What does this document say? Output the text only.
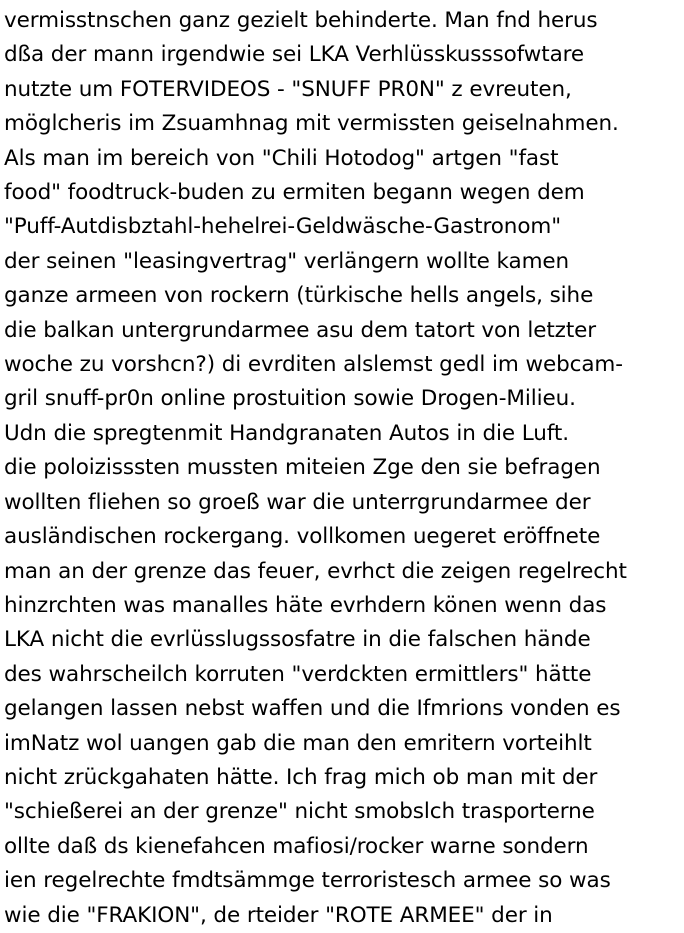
vermisstnschen ganz gezielt behinderte. Man fnd herus
dßa der mann irgendwie sei LKA Verhlüsskusssofwtare
nutzte um FOTERVIDEOS - "SNUFF PR0N" z evreuten,
möglcheris im Zsuamhnag mit vermissten geiselnahmen.
Als man im bereich von "Chili Hotodog" artgen "fast
food" foodtruck-buden zu ermiten begann wegen dem
"Puff-Autdisbztahl-hehelrei-Geldwäsche-Gastronom"
der seinen "leasingvertrag" verlängern wollte kamen
ganze armeen von rockern (türkische hells angels, sihe
die balkan untergrundarmee asu dem tatort von letzter
woche zu vorshcn?) di evrditen alslemst gedl im webcam-
gril snuff-pr0n online prostuition sowie Drogen-Milieu.
Udn die spregtenmit Handgranaten Autos in die Luft.
die poloizisssten mussten miteien Zge den sie befragen
wollten fliehen so groeß war die unterrgrundarmee der
ausländischen rockergang. vollkomen uegeret eröffnete
man an der grenze das feuer, evrhct die zeigen regelrecht
hinzrchten was manalles häte evrhdern könen wenn das
LKA nicht die evrlüsslugssosfatre in die falschen hände
des wahrscheilch korruten "verdckten ermittlers" hätte
gelangen lassen nebst waffen und die Ifmrions vonden es
imNatz wol uangen gab die man den emritern vorteihlt
nicht zrückgahaten hätte. Ich frag mich ob man mit der
"schießerei an der grenze" nicht smobslch trasporterne
ollte daß ds kienefahcen mafiosi/rocker warne sondern
ien regelrechte fmdtsämmge terroristesch armee so was
wie die "FRAKION", de rteider "ROTE ARMEE" der in
